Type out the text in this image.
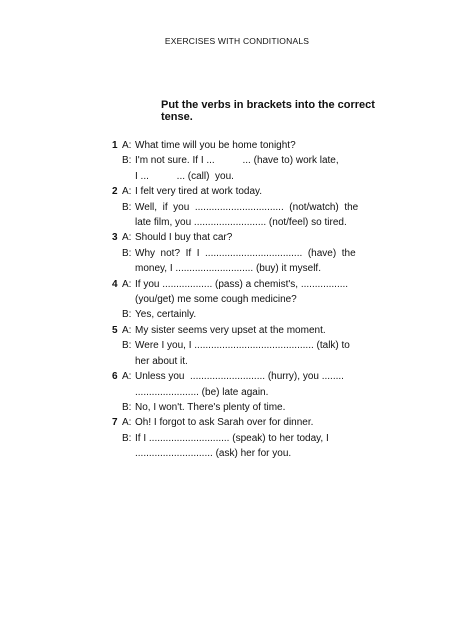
EXERCISES WITH CONDITIONALS
Put the verbs in brackets into the correct tense.
1 A: What time will you be home tonight?
B: I'm not sure. If I ...          ... (have to) work late,
I ...          ... (call)  you.
2 A: I felt very tired at work today.
B: Well,  if  you  ................................  (not/watch)  the
late film, you .......................... (not/feel) so tired.
3 A: Should I buy that car?
B: Why  not?  If  I  ...................................  (have)  the
money, I ............................ (buy) it myself.
4 A: If you .................. (pass) a chemist's, .................
(you/get) me some cough medicine?
B: Yes, certainly.
5 A: My sister seems very upset at the moment.
B: Were I you, I ........................................... (talk) to
her about it.
6 A: Unless you  ........................... (hurry), you ........
....................... (be) late again.
B: No, I won't. There's plenty of time.
7 A: Oh! I forgot to ask Sarah over for dinner.
B: If I ............................. (speak) to her today, I
............................ (ask) her for you.
